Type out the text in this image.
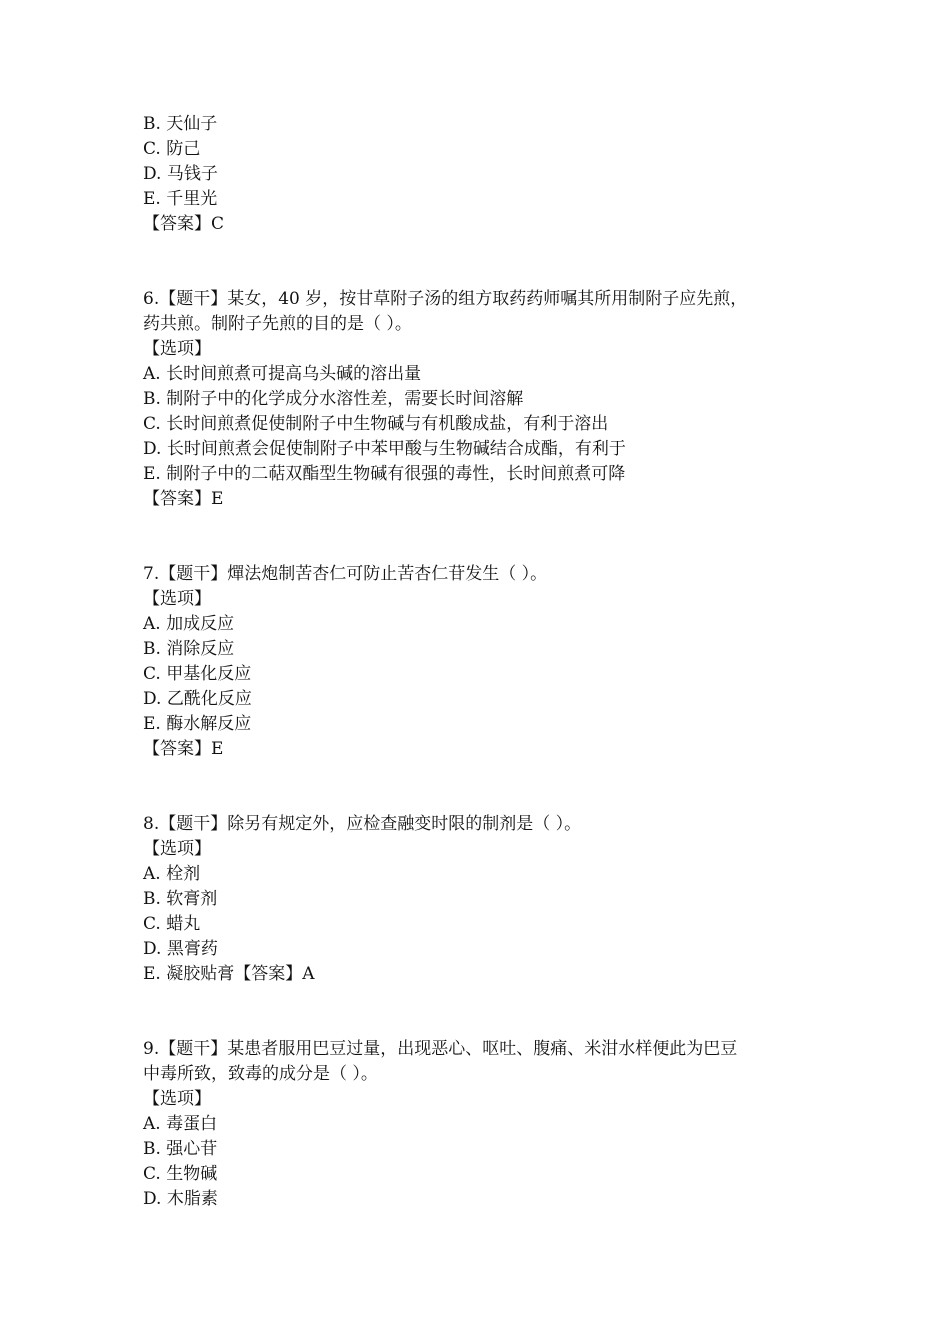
B. 天仙子
C. 防己
D. 马钱子
E. 千里光
【答案】C
6.【题干】某女，40 岁，按甘草附子汤的组方取药药师嘱其所用制附子应先煎，
药共煎。制附子先煎的目的是（ ）。
【选项】
A. 长时间煎煮可提高乌头碱的溶出量
B. 制附子中的化学成分水溶性差，需要长时间溶解
C. 长时间煎煮促使制附子中生物碱与有机酸成盐，有利于溶出
D. 长时间煎煮会促使制附子中苯甲酸与生物碱结合成酯，有利于
E. 制附子中的二萜双酯型生物碱有很强的毒性，长时间煎煮可降
【答案】E
7.【题干】燀法炮制苦杏仁可防止苦杏仁苷发生（ ）。
【选项】
A. 加成反应
B. 消除反应
C. 甲基化反应
D. 乙酰化反应
E. 酶水解反应
【答案】E
8.【题干】除另有规定外，应检查融变时限的制剂是（ ）。
【选项】
A. 栓剂
B. 软膏剂
C. 蜡丸
D. 黑膏药
E. 凝胶贴膏【答案】A
9.【题干】某患者服用巴豆过量，出现恶心、呕吐、腹痛、米泔水样便此为巴豆
中毒所致，致毒的成分是（ ）。
【选项】
A. 毒蛋白
B. 强心苷
C. 生物碱
D. 木脂素
